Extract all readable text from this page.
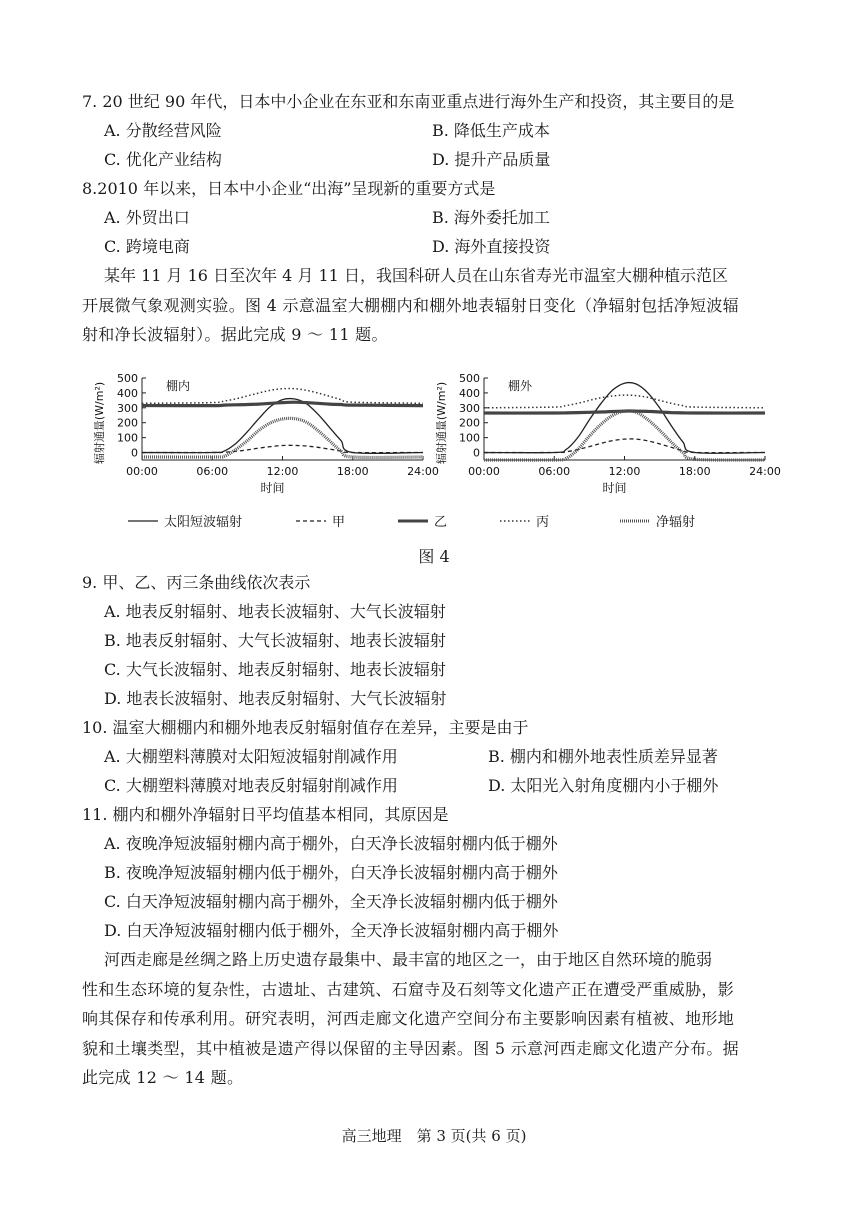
7. 20 世纪 90 年代，日本中小企业在东亚和东南亚重点进行海外生产和投资，其主要目的是
A. 分散经营风险	B. 降低生产成本
C. 优化产业结构	D. 提升产品质量
8.2010 年以来，日本中小企业“出海”呈现新的重要方式是
A. 外贸出口	B. 海外委托加工
C. 跨境电商	D. 海外直接投资
某年 11 月 16 日至次年 4 月 11 日，我国科研人员在山东省寿光市温室大棚种植示范区
开展微气象观测实验。图 4 示意温室大棚棚内和棚外地表辐射日变化（净辐射包括净短波辐
射和净长波辐射）。据此完成 9 ～ 11 题。
500
400
300
200
100
0
00:00	06:00	12:00	18:00	24:00
时间
辐射通量(W/m²)	棚内
500
400
300
200
100
0
00:00	06:00	12:00	18:00	24:00
时间
辐射通量(W/m²)	棚外
太阳短波辐射	甲	乙	丙	净辐射
图 4
9. 甲、乙、丙三条曲线依次表示
A. 地表反射辐射、地表长波辐射、大气长波辐射
B. 地表反射辐射、大气长波辐射、地表长波辐射
C. 大气长波辐射、地表反射辐射、地表长波辐射
D. 地表长波辐射、地表反射辐射、大气长波辐射
10. 温室大棚棚内和棚外地表反射辐射值存在差异，主要是由于
A. 大棚塑料薄膜对太阳短波辐射削减作用	B. 棚内和棚外地表性质差异显著
C. 大棚塑料薄膜对地表反射辐射削减作用	D. 太阳光入射角度棚内小于棚外
11. 棚内和棚外净辐射日平均值基本相同，其原因是
A. 夜晚净短波辐射棚内高于棚外，白天净长波辐射棚内低于棚外
B. 夜晚净短波辐射棚内低于棚外，白天净长波辐射棚内高于棚外
C. 白天净短波辐射棚内高于棚外，全天净长波辐射棚内低于棚外
D. 白天净短波辐射棚内低于棚外，全天净长波辐射棚内高于棚外
河西走廊是丝绸之路上历史遗存最集中、最丰富的地区之一，由于地区自然环境的脆弱
性和生态环境的复杂性，古遗址、古建筑、石窟寺及石刻等文化遗产正在遭受严重威胁，影
响其保存和传承利用。研究表明，河西走廊文化遗产空间分布主要影响因素有植被、地形地
貌和土壤类型，其中植被是遗产得以保留的主导因素。图 5 示意河西走廊文化遗产分布。据
此完成 12 ～ 14 题。
高三地理　第 3 页(共 6 页)
